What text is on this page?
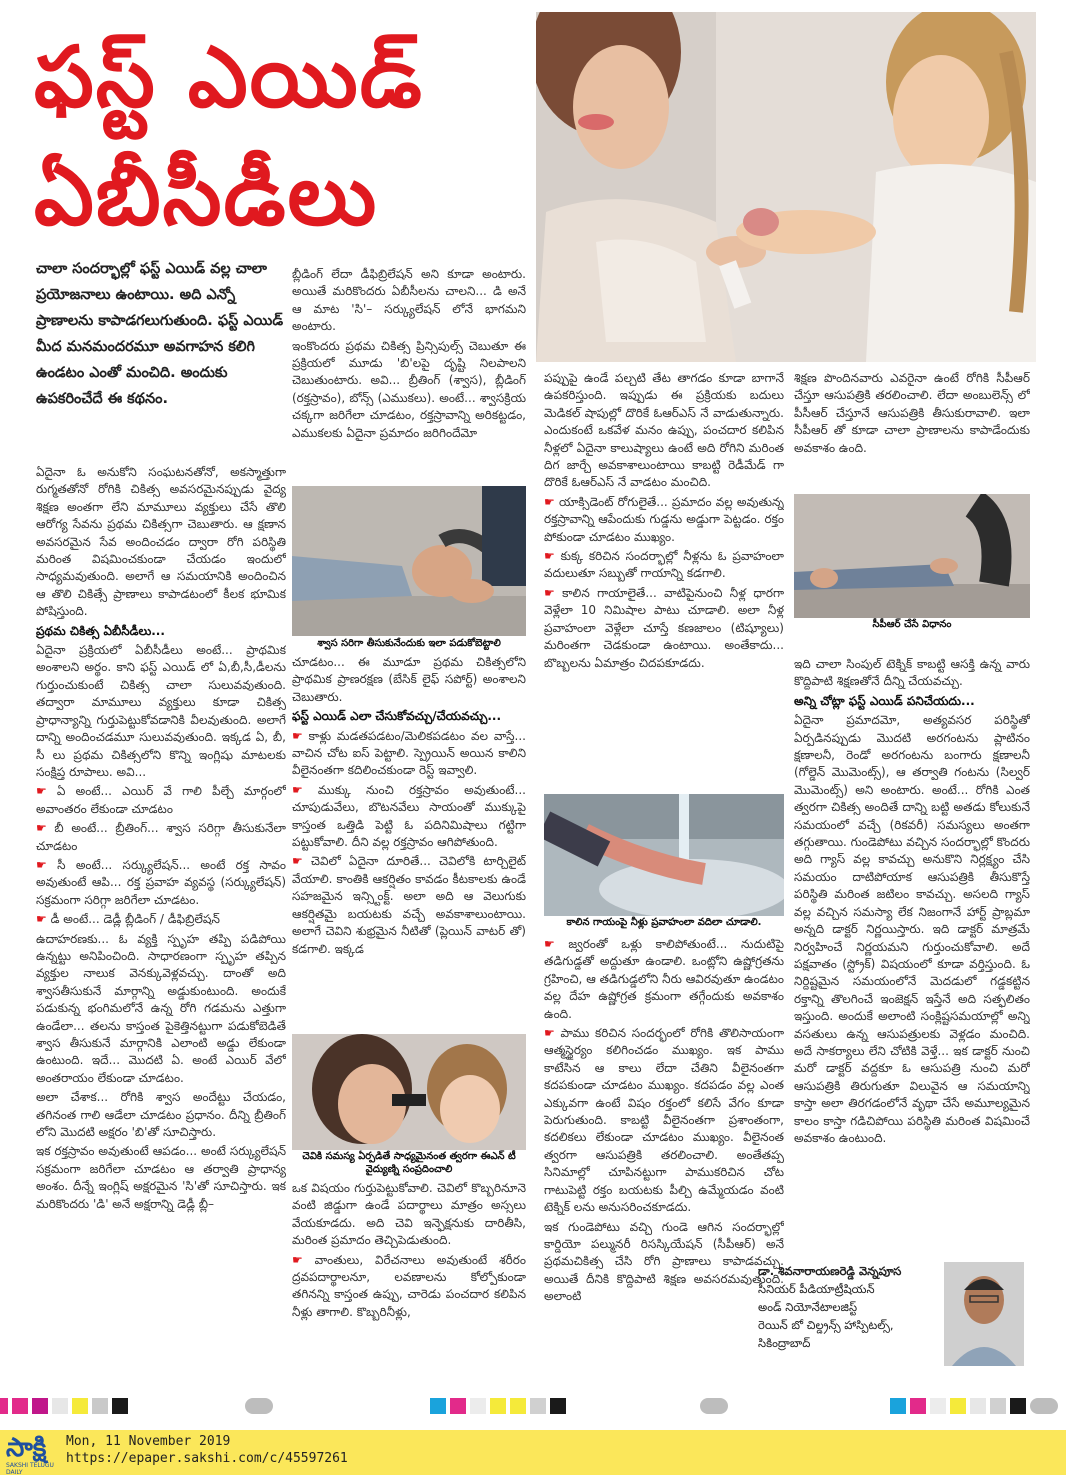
ఫస్ట్ ఎయిడ్
ఏబీసీడీలు
చాలా సందర్భాల్లో ఫస్ట్ ఎయిడ్ వల్ల చాలా ప్రయోజనాలు ఉంటాయి. అది ఎన్నో ప్రాణాలను కాపాడగలుగుతుంది. ఫస్ట్ ఎయిడ్ మీద మనమందరమూ అవగాహన కలిగి ఉండటం ఎంతో మంచిది. అందుకు ఉపకరించేదే ఈ కథనం.

ఏదైనా ఓ అనుకోని సంఘటనతోనో, అకస్మాత్తుగా రుగ్మతతోనో రోగికి చికిత్స అవసరమైనప్పుడు వైద్య శిక్షణ అంతగా లేని మామూలు వ్యక్తులు చేసే తొలి ఆరోగ్య సేవను ప్రథమ చికిత్సగా చెబుతారు. ఆ క్షణాన అవసరమైన సేవ అందించడం ద్వారా రోగి పరిస్థితి మరింత విషమించకుండా చేయడం ఇందులో సాధ్యమవుతుంది. అలాగే ఆ సమయానికి అందించిన ఆ తొలి చికిత్సే ప్రాణాలు కాపాడటంలో కీలక భూమిక పోషిస్తుంది.

ప్రథమ చికిత్స ఏబీసీడీలు...

ఏదైనా ప్రక్రియలో ఏబీసీడీలు అంటే... ప్రాథమిక అంశాలని అర్థం. కాని ఫస్ట్ ఎయిడ్ లో ఏ,బీ,సీ,డీలను గుర్తుంచుకుంటే చికిత్స చాలా సులువవుతుంది. తద్వారా మామూలు వ్యక్తులు కూడా చికిత్స ప్రాధాన్యాన్ని గుర్తుపెట్టుకోవడానికి వీలవుతుంది. అలాగే దాన్ని అందించడమూ సులువవుతుంది. ఇక్కడ ఏ, బీ, సీ లు ప్రథమ చికిత్సలోని కొన్ని ఇంగ్లిషు మాటలకు సంక్షిప్త రూపాలు. అవి...

☛ ఏ అంటే... ఎయిర్ వే గాలి పీల్చే మార్గంలో అవాంతరం లేకుండా చూడటం

☛ బీ అంటే... బ్రీతింగ్... శ్వాస సరిగ్గా తీసుకునేలా చూడటం

☛ సీ అంటే... సర్క్యులేషన్... అంటే రక్త సావం అవుతుంటే ఆపి... రక్త ప్రవాహ వ్యవస్థ (సర్క్యులేషన్) సక్రమంగా సరిగ్గా జరిగేలా చూడటం.

☛ డీ అంటే... డెడ్లీ బ్లీడింగ్ / డీఫిబ్రిలేషన్

ఉదాహరణకు... ఓ వ్యక్తి స్పృహ తప్పి పడిపోయి ఉన్నట్టు అనిపించింది. సాధారణంగా స్పృహ తప్పిన వ్యక్తుల నాలుక వెనక్కువెళ్లవచ్చు. దాంతో అది శ్వాసతీసుకునే మార్గాన్ని అడ్డుకుంటుంది. అందుకే పడుకున్న భంగిమలోనే ఉన్న రోగి గడమను ఎత్తుగా ఉండేలా... తలను కాస్తంత పైకెత్తినట్టుగా పడుకోబెడితే శ్వాస తీసుకునే మార్గానికి ఎలాంటి అడ్డు లేకుండా ఉంటుంది. ఇదే... మొదటి ఏ. అంటే ఎయిర్ వేలో అంతరాయం లేకుండా చూడటం.

అలా చేశాక... రోగికి శ్వాస అందేట్టు చేయడం, తగినంత గాలి ఆడేలా చూడటం ప్రధానం. దీన్ని బ్రీతింగ్ లోని మొదటి అక్షరం 'బి'తో సూచిస్తారు.

ఇక రక్తస్రావం అవుతుంటే ఆపడం... అంటే సర్క్యులేషన్ సక్రమంగా జరిగేలా చూడటం ఆ తర్వాతి ప్రాధాన్య అంశం. దీన్నే ఇంగ్లిష్ అక్షరమైన 'సి'తో సూచిస్తారు. ఇక మరికొందరు 'డి' అనే అక్షరాన్ని డెడ్లీ బ్లీ–

బ్లీడింగ్ లేదా డీఫిబ్రిలేషన్ అని కూడా అంటారు. అయితే మరికొందరు ఏబీసీలను చాలని... డి అనే ఆ మాట 'సి'– సర్క్యులేషన్ లోనే భాగమని అంటారు.

ఇంకొందరు ప్రథమ చికిత్స ప్రిన్సిపుల్స్ చెబుతూ ఈ ప్రక్రియలో మూడు 'బి'లపై దృష్టి నిలపాలని చెబుతుంటారు. అవి... బ్రీతింగ్ (శ్వాస), బ్లీడింగ్ (రక్తస్రావం), బోన్స్ (ఎముకలు). అంటే... శ్వాసక్రియ చక్కగా జరిగేలా చూడటం, రక్తస్రావాన్ని అరికట్టడం, ఎముకలకు ఏదైనా ప్రమాదం జరిగిందేమో

శ్వాస సరిగా తీసుకునేందుకు ఇలా పడుకోబెట్టాలి

చూడటం... ఈ మూడూ ప్రథమ చికిత్సలోని ప్రాథమిక ప్రాణరక్షణ (బేసిక్ లైఫ్ సపోర్ట్) అంశాలని చెబుతారు.

ఫస్ట్ ఎయిడ్ ఎలా చేసుకోవచ్చు/చేయవచ్చు...

☛ కాళ్లు మడతపడటం/మెలికపడటం వల వాస్తే... వాచిన చోట ఐస్ పెట్టాలి. స్ప్రెయిన్ అయిన కాలిని వీలైనంతగా కదిలించకుండా రెస్ట్ ఇవ్వాలి.

☛ ముక్కు నుంచి రక్తస్రావం అవుతుంటే... చూపుడువేలు, బొటనవేలు సాయంతో ముక్కుపై కాస్తంత ఒత్తిడి పెట్టి ఓ పదినిమిషాలు గట్టిగా పట్టుకోవాలి. దీని వల్ల రక్తస్రావం ఆగిపోతుంది.

☛ చెవిలో ఏదైనా దూరితే... చెవిలోకి టార్చిలైట్ వేయాలి. కాంతికి ఆకర్షితం కావడం కీటకాలకు ఉండే సహజమైన ఇన్స్టింక్ట్. అలా అది ఆ వెలుగుకు ఆకర్షితమై బయటకు వచ్చే అవకాశాలుంటాయి. అలాగే చెవిని శుభ్రమైన నీటితో (ప్లెయిన్ వాటర్ తో) కడగాలి. ఇక్కడ

చెవికి సమస్య ఏర్పడితే సాధ్యమైనంత త్వరగా ఈఎన్ టీ వైద్యుణ్ని సంప్రదించాలి

ఒక విషయం గుర్తుపెట్టుకోవాలి. చెవిలో కొబ్బరినూనె వంటి జిడ్డుగా ఉండే పదార్థాలు మాత్రం అస్సలు వేయకూడదు. అది చెవి ఇన్ఫెక్షనుకు దారితీసి, మరింత ప్రమాదం తెచ్చిపెడుతుంది.

☛ వాంతులు, విరేచనాలు అవుతుంటే శరీరం ద్రవపదార్థాలనూ, లవణాలను కోల్పోకుండా తగినన్ని కాస్తంత ఉప్పు, చారెడు పంచదార కలిపిన నీళ్లు తాగాలి. కొబ్బరినీళ్లు,

పప్పుపై ఉండే పల్చటి తేట తాగడం కూడా బాగానే ఉపకరిస్తుంది. ఇప్పుడు ఈ ప్రక్రియకు బదులు మెడికల్ షాపుల్లో దొరికే ఓఆర్ఎస్ నే వాడుతున్నారు. ఎందుకంటే ఒకవేళ మనం ఉప్పు, పంచదార కలిపిన నీళ్లలో ఏదైనా కాలుష్యాలు ఉంటే అది రోగిని మరింత దిగ జార్చే అవకాశాలుంటాయి కాబట్టి రెడీమేడ్ గా దొరికే ఓఆర్ఎస్ నే వాడటం మంచిది.

☛ యాక్సిడెంట్ రోగులైతే... ప్రమాదం వల్ల అవుతున్న రక్తస్రావాన్ని ఆపేందుకు గుడ్డను అడ్డుగా పెట్టడం. రక్తం పోకుండా చూడటం ముఖ్యం.

☛ కుక్క కరిచిన సందర్భాల్లో నీళ్లను ఓ ప్రవాహంలా వదులుతూ సబ్బుతో గాయాన్ని కడగాలి.

☛ కాలిన గాయాలైతే... వాటిపైనుంచి నీళ్ల ధారగా వెళ్లేలా 10 నిమిషాల పాటు చూడాలి. అలా నీళ్ల ప్రవాహంలా వెళ్లేలా చూస్తే కణజాలం (టిష్యూలు) మరింతగా చెడకుండా ఉంటాయి. అంతేకాదు... బొబ్బలను ఏమాత్రం చిదపకూడదు.

కాలిన గాయంపై నీళ్లు ప్రవాహంలా వదిలా చూడాలి.

☛ జ్వరంతో ఒళ్లు కాలిపోతుంటే... నుదుటిపై తడిగుడ్డతో అద్దుతూ ఉండాలి. ఒంట్లోని ఉష్ణోగ్రతను గ్రహించి, ఆ తడిగుడ్డలోని నీరు ఆవిరవుతూ ఉండటం వల్ల దేహ ఉష్ణోగ్రత క్రమంగా తగ్గేందుకు అవకాశం ఉంది.

☛ పాము కరిచిన సందర్భంలో రోగికి తొలిసాయంగా ఆత్మస్థైర్యం కలిగించడం ముఖ్యం. ఇక పాము కాటేసిన ఆ కాలు లేదా చేతిని వీలైనంతగా కదపకుండా చూడటం ముఖ్యం. కదపడం వల్ల ఎంత ఎక్కువగా ఉంటే విషం రక్తంలో కలిసే వేగం కూడా పెరుగుతుంది. కాబట్టి వీలైనంతగా ప్రశాంతంగా, కదలికలు లేకుండా చూడటం ముఖ్యం. వీలైనంత త్వరగా ఆసుపత్రికి తరలించాలి. అంతేతప్ప సినిమాల్లో చూపినట్టుగా పాముకరిచిన చోట గాటుపెట్టి రక్తం బయటకు పీల్చి ఉమ్మేయడం వంటి టెక్నిక్ లను అనుసరించకూడదు.

ఇక గుండెపోటు వచ్చి గుండె ఆగిన సందర్భాల్లో కార్డియో పల్మునరీ రిసస్కియేషన్ (సీపీఆర్) అనే ప్రథమచికిత్స చేసి రోగి ప్రాణాలు కాపాడవచ్చు. అయితే దీనికి కొద్దిపాటి శిక్షణ అవసరమవుతుంది. అలాంటి

శిక్షణ పొందినవారు ఎవరైనా ఉంటే రోగికి సీపీఆర్ చేస్తూ ఆసుపత్రికి తరలించాలి. లేదా అంబులెన్స్ లో పీసీఆర్ చేస్తూనే ఆసుపత్రికి తీసుకురావాలి. ఇలా సీపీఆర్ తో కూడా చాలా ప్రాణాలను కాపాడేందుకు అవకాశం ఉంది.

సీపీఆర్ చేసే విధానం

ఇది చాలా సింపుల్ టెక్నిక్ కాబట్టి ఆసక్తి ఉన్న వారు కొద్దిపాటి శిక్షణతోనే దీన్ని చేయవచ్చు.

అన్ని చోట్లా ఫస్ట్ ఎయిడ్ పనిచేయదు...

ఏదైనా ప్రమాదమో, అత్యవసర పరిస్థితో ఏర్పడినప్పుడు మొదటి అరగంటను ప్లాటినం క్షణాలనీ, రెండో అరగంటను బంగారు క్షణాలనీ (గోల్డెన్ మొమెంట్స్), ఆ తర్వాతి గంటను (సిల్వర్ మొమెంట్స్) అని అంటారు. అంటే... రోగికి ఎంత త్వరగా చికిత్స అందితే దాన్ని బట్టి అతడు కోలుకునే సమయంలో వచ్చే (రికవరీ) సమస్యలు అంతగా తగ్గుతాయి. గుండెపోటు వచ్చిన సందర్భాల్లో కొందరు అది గ్యాస్ వల్ల కావచ్చు అనుకొని నిర్లక్ష్యం చేసి సమయం దాటిపోయాక ఆసుపత్రికి తీసుకొస్తే పరిస్థితి మరింత జటిలం కావచ్చు. అసలది గ్యాస్ వల్ల వచ్చిన సమస్యా లేక నిజంగానే హార్ట్ ప్రాబ్లమా అన్నది డాక్టర్ నిర్ణయిస్తారు. ఇది డాక్టర్ మాత్రమే నిర్వహించే నిర్ణయమని గుర్తుంచుకోవాలి. అదే పక్షవాతం (స్ట్రోక్) విషయంలో కూడా వర్తిస్తుంది. ఓ నిర్దిష్టమైన సమయంలోనే మెదడులో గడ్డకట్టిన రక్తాన్ని తొలగించే ఇంజెక్షన్ ఇస్తేనే అది సత్ఫలితం ఇస్తుంది. అందుకే అలాంటి సంక్లిష్టసమయాల్లో అన్ని వసతులు ఉన్న ఆసుపత్రులకు వెళ్లడం మంచిది. అదే సాకర్యాలు లేని చోటికి వెళ్తే... ఇక డాక్టర్ నుంచి మరో డాక్టర్ వద్దకూ ఓ ఆసుపత్రి నుంచి మరో ఆసుపత్రికి తిరుగుతూ విలువైన ఆ సమయాన్ని కాస్తా అలా తిరగడంలోనే వృథా చేసే అమూల్యమైన కాలం కాస్తా గడిచిపోయి పరిస్థితి మరింత విషమించే అవకాశం ఉంటుంది.

డా. శివనారాయణరెడ్డి వెన్నపూస
సీనియర్ పీడియాట్రీషియన్
అండ్ నియోనేటాలజిస్ట్
రెయిన్ బో చిల్డ్రన్స్ హాస్పిటల్స్,
సికింద్రాబాద్
సాక్షి
SAKSHI TELUGU DAILY
Mon, 11 November 2019
https://epaper.sakshi.com/c/45597261
